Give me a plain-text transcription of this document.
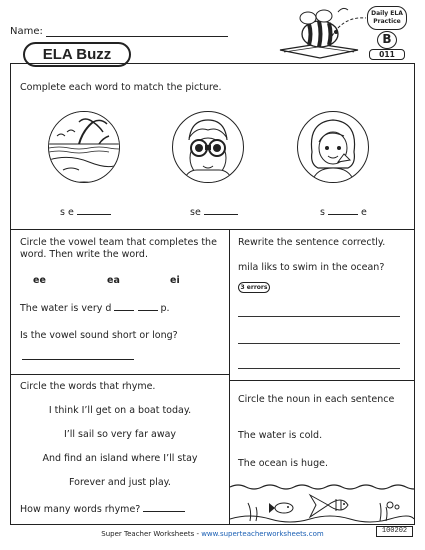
Name:
ELA Buzz
Daily ELA
Practice
B
011
Complete each word to match the picture.
s e	se	s	e
Circle the vowel team that completes the word. Then write the word.
ee	ea	ei
The water is very d	p.
Is the vowel sound short or long?
Rewrite the sentence correctly.
mila liks to swim in the ocean?
3 errors
Circle the words that rhyme.
I think I’ll get on a boat today.
I’ll sail so very far away
And find an island where I’ll stay
Forever and just play.
How many words rhyme?
Circle the noun in each sentence
The water is cold.
The ocean is huge.
Super Teacher Worksheets - www.superteacherworksheets.com	100202
